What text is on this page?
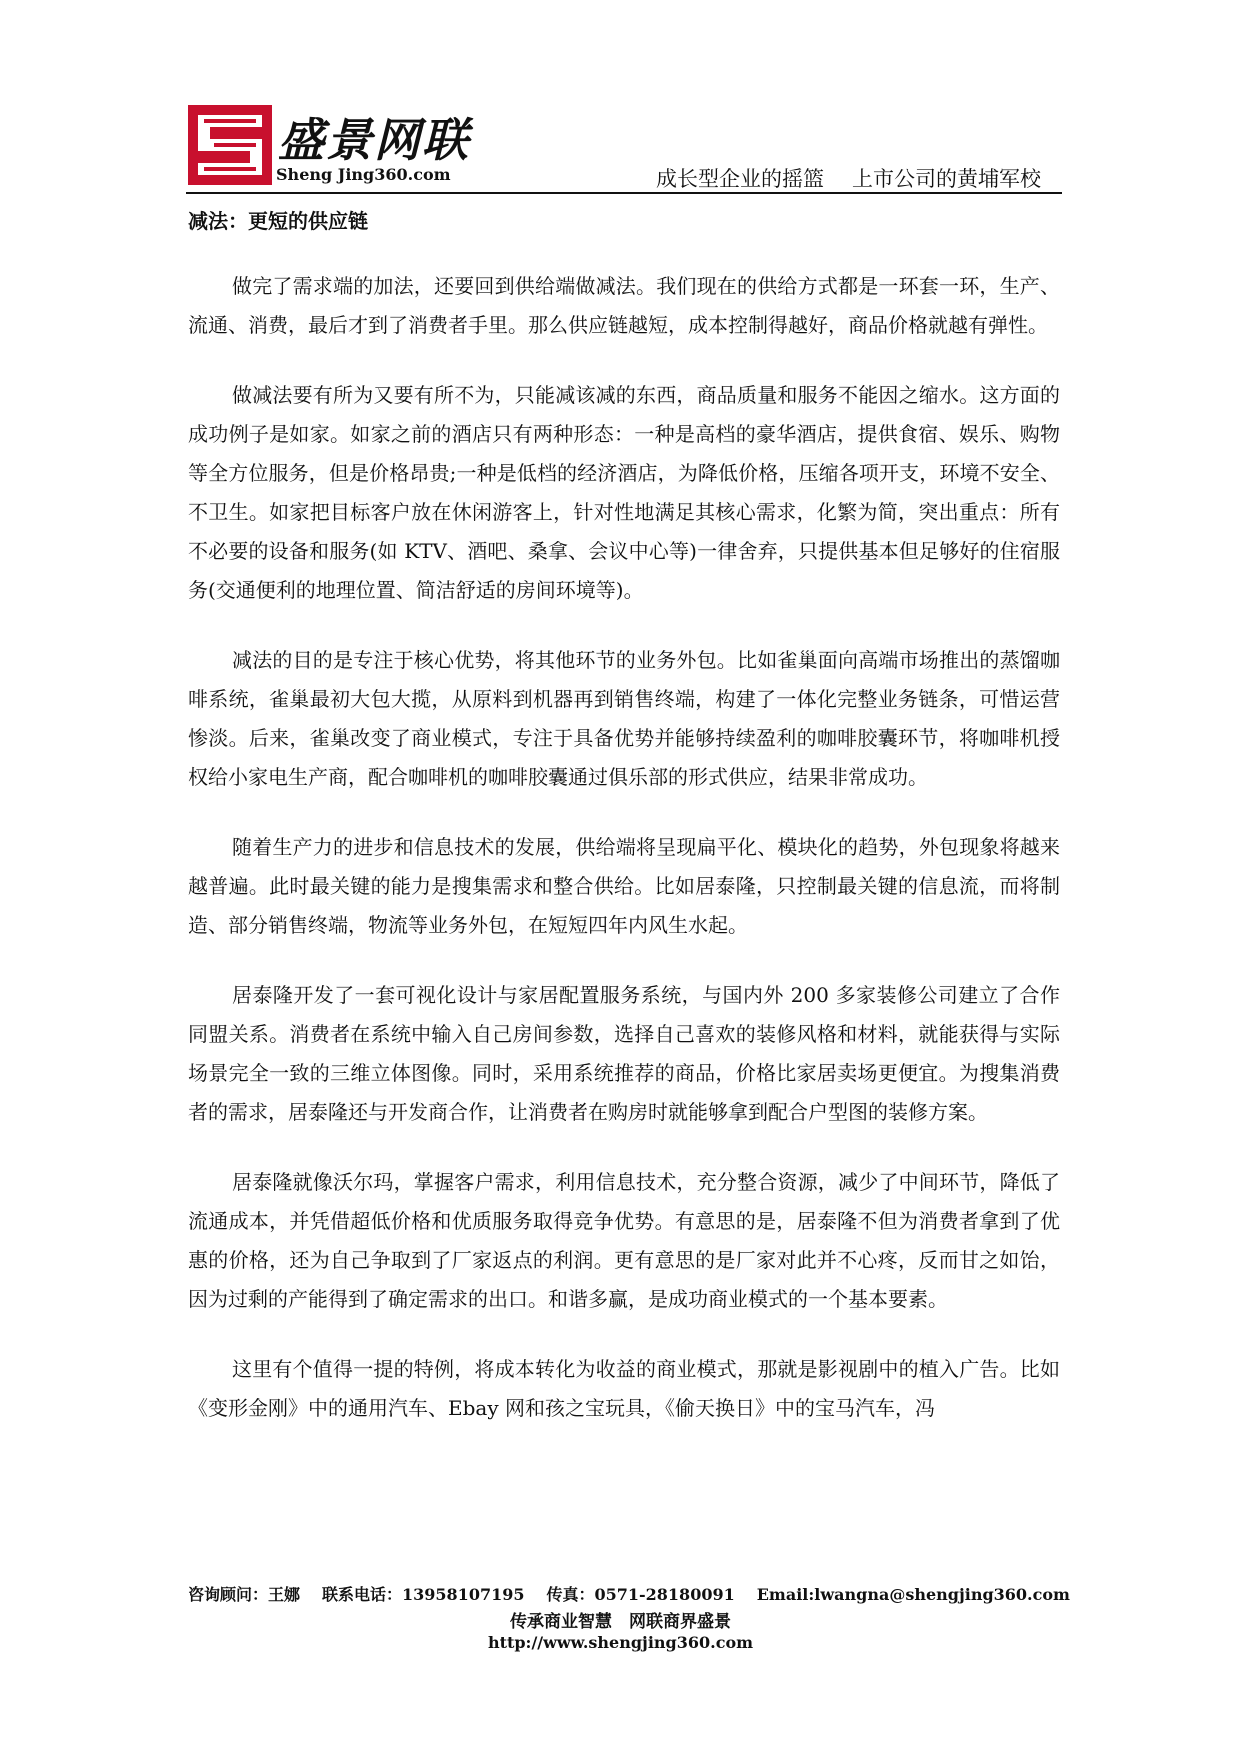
盛景网联
Sheng Jing360.com	成长型企业的摇篮 上市公司的黄埔军校
减法：更短的供应链

做完了需求端的加法，还要回到供给端做减法。我们现在的供给方式都是一环套一环，生产、流通、消费，最后才到了消费者手里。那么供应链越短，成本控制得越好，商品价格就越有弹性。

做减法要有所为又要有所不为，只能减该减的东西，商品质量和服务不能因之缩水。这方面的成功例子是如家。如家之前的酒店只有两种形态：一种是高档的豪华酒店，提供食宿、娱乐、购物等全方位服务，但是价格昂贵;一种是低档的经济酒店，为降低价格，压缩各项开支，环境不安全、不卫生。如家把目标客户放在休闲游客上，针对性地满足其核心需求，化繁为简，突出重点：所有不必要的设备和服务(如 KTV、酒吧、桑拿、会议中心等)一律舍弃，只提供基本但足够好的住宿服务(交通便利的地理位置、简洁舒适的房间环境等)。

减法的目的是专注于核心优势，将其他环节的业务外包。比如雀巢面向高端市场推出的蒸馏咖啡系统，雀巢最初大包大揽，从原料到机器再到销售终端，构建了一体化完整业务链条，可惜运营惨淡。后来，雀巢改变了商业模式，专注于具备优势并能够持续盈利的咖啡胶囊环节，将咖啡机授权给小家电生产商，配合咖啡机的咖啡胶囊通过俱乐部的形式供应，结果非常成功。

随着生产力的进步和信息技术的发展，供给端将呈现扁平化、模块化的趋势，外包现象将越来越普遍。此时最关键的能力是搜集需求和整合供给。比如居泰隆，只控制最关键的信息流，而将制造、部分销售终端，物流等业务外包，在短短四年内风生水起。

居泰隆开发了一套可视化设计与家居配置服务系统，与国内外 200 多家装修公司建立了合作同盟关系。消费者在系统中输入自己房间参数，选择自己喜欢的装修风格和材料，就能获得与实际场景完全一致的三维立体图像。同时，采用系统推荐的商品，价格比家居卖场更便宜。为搜集消费者的需求，居泰隆还与开发商合作，让消费者在购房时就能够拿到配合户型图的装修方案。

居泰隆就像沃尔玛，掌握客户需求，利用信息技术，充分整合资源，减少了中间环节，降低了流通成本，并凭借超低价格和优质服务取得竞争优势。有意思的是，居泰隆不但为消费者拿到了优惠的价格，还为自己争取到了厂家返点的利润。更有意思的是厂家对此并不心疼，反而甘之如饴，因为过剩的产能得到了确定需求的出口。和谐多赢，是成功商业模式的一个基本要素。

这里有个值得一提的特例，将成本转化为收益的商业模式，那就是影视剧中的植入广告。比如《变形金刚》中的通用汽车、Ebay 网和孩之宝玩具，《偷天换日》中的宝马汽车，冯

咨询顾问：王娜 联系电话：13958107195 传真：0571-28180091 Email:lwangna@shengjing360.com
传承商业智慧　网联商界盛景
http://www.shengjing360.com
